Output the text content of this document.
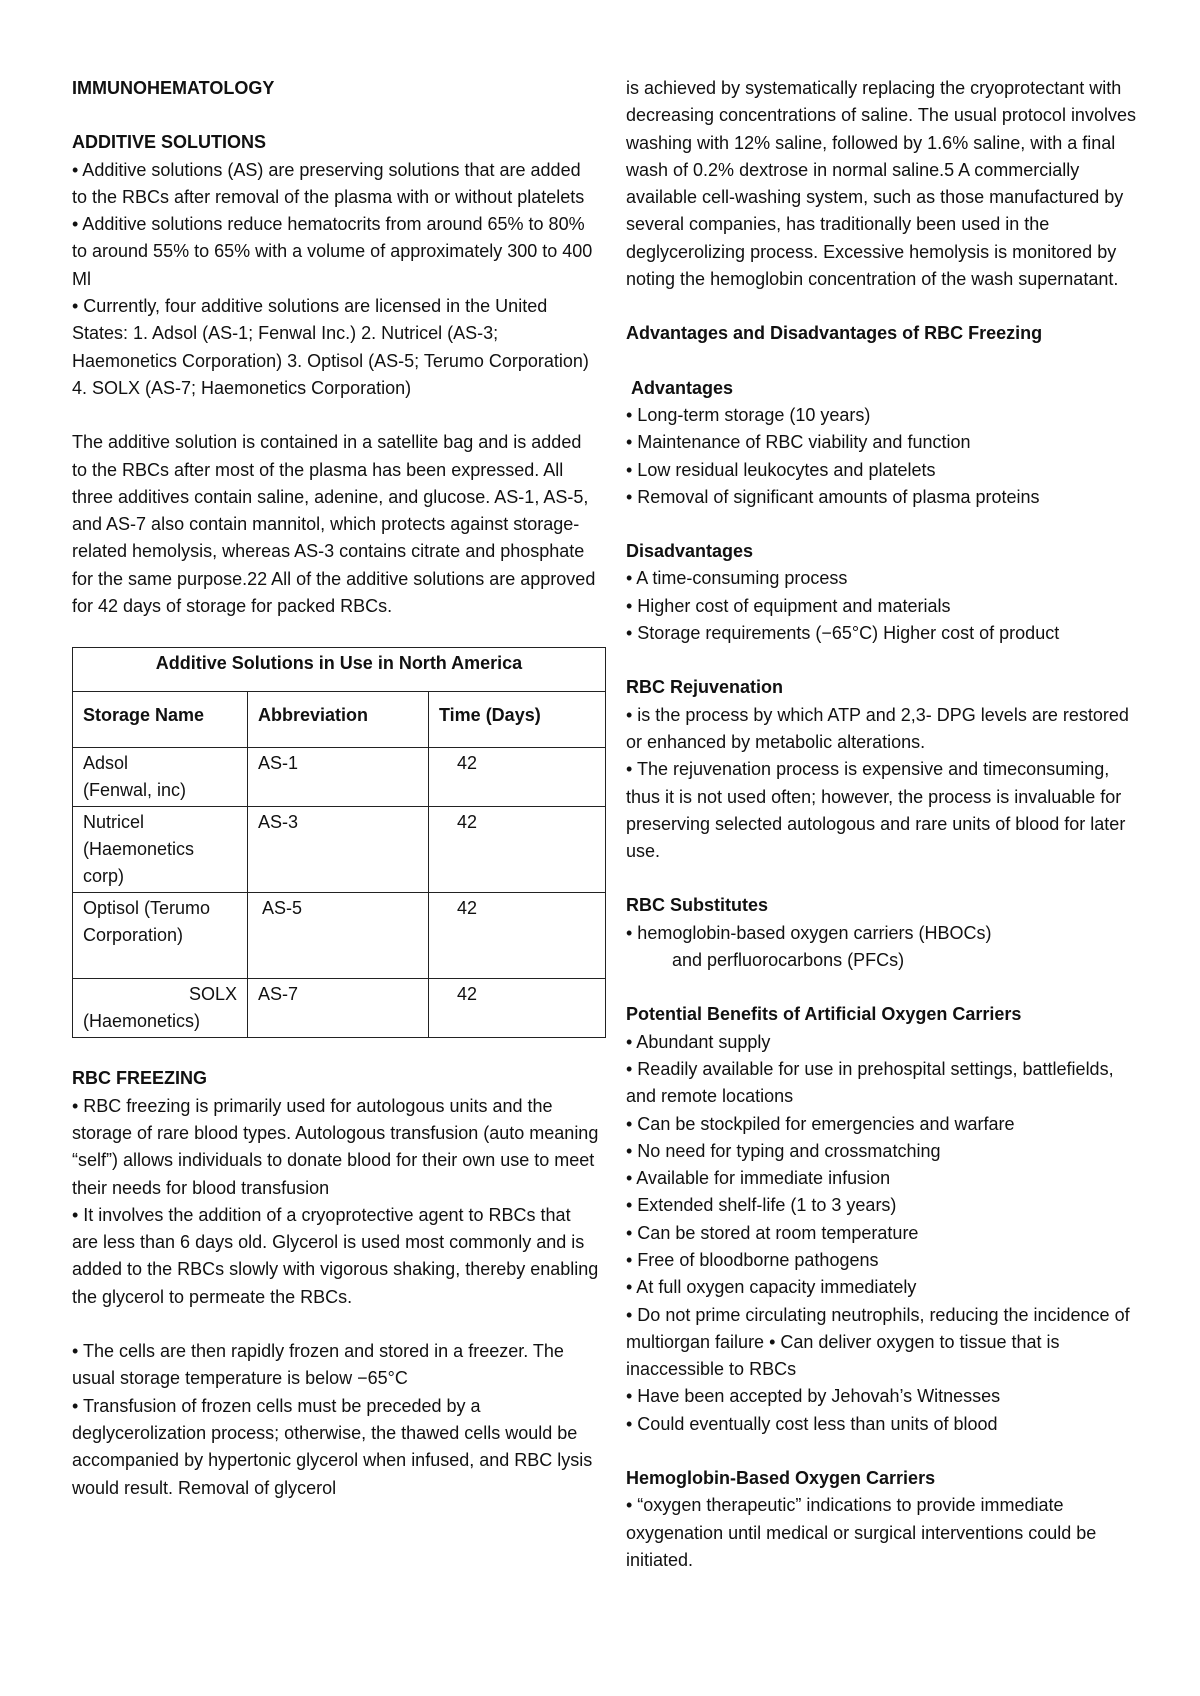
IMMUNOHEMATOLOGY

ADDITIVE SOLUTIONS

• Additive solutions (AS) are preserving solutions that are added to the RBCs after removal of the plasma with or without platelets

• Additive solutions reduce hematocrits from around 65% to 80% to around 55% to 65% with a volume of approximately 300 to 400 Ml

• Currently, four additive solutions are licensed in the United States: 1. Adsol (AS-1; Fenwal Inc.) 2. Nutricel (AS-3; Haemonetics Corporation) 3. Optisol (AS-5; Terumo Corporation) 4. SOLX (AS-7; Haemonetics Corporation)

The additive solution is contained in a satellite bag and is added to the RBCs after most of the plasma has been expressed. All three additives contain saline, adenine, and glucose. AS-1, AS-5, and AS-7 also contain mannitol, which protects against storage-related hemolysis, whereas AS-3 contains citrate and phosphate for the same purpose.22 All of the additive solutions are approved for 42 days of storage for packed RBCs.

Additive Solutions in Use in North America		
Storage Name	Abbreviation	Time (Days)
Adsol
(Fenwal, inc)	AS-1	42
Nutricel
(Haemonetics corp)	AS-3	42
Optisol (Terumo
Corporation)	AS-5	42

SOLX
(Haemonetics)	AS-7	42

RBC FREEZING

• RBC freezing is primarily used for autologous units and the storage of rare blood types. Autologous transfusion (auto meaning “self”) allows individuals to donate blood for their own use to meet their needs for blood transfusion

• It involves the addition of a cryoprotective agent to RBCs that are less than 6 days old. Glycerol is used most commonly and is added to the RBCs slowly with vigorous shaking, thereby enabling the glycerol to permeate the RBCs.

• The cells are then rapidly frozen and stored in a freezer. The usual storage temperature is below −65°C

• Transfusion of frozen cells must be preceded by a deglycerolization process; otherwise, the thawed cells would be accompanied by hypertonic glycerol when infused, and RBC lysis would result. Removal of glycerol

is achieved by systematically replacing the cryoprotectant with decreasing concentrations of saline. The usual protocol involves washing with 12% saline, followed by 1.6% saline, with a final wash of 0.2% dextrose in normal saline.5 A commercially available cell-washing system, such as those manufactured by several companies, has traditionally been used in the deglycerolizing process. Excessive hemolysis is monitored by noting the hemoglobin concentration of the wash supernatant.

Advantages and Disadvantages of RBC Freezing

Advantages

• Long-term storage (10 years)

• Maintenance of RBC viability and function

• Low residual leukocytes and platelets

• Removal of significant amounts of plasma proteins

Disadvantages

• A time-consuming process

• Higher cost of equipment and materials

• Storage requirements (−65°C) Higher cost of product

RBC Rejuvenation

• is the process by which ATP and 2,3- DPG levels are restored or enhanced by metabolic alterations.

• The rejuvenation process is expensive and timeconsuming, thus it is not used often; however, the process is invaluable for preserving selected autologous and rare units of blood for later use.

RBC Substitutes

• hemoglobin-based oxygen carriers (HBOCs)

and perfluorocarbons (PFCs)

Potential Benefits of Artificial Oxygen Carriers

• Abundant supply

• Readily available for use in prehospital settings, battlefields, and remote locations

• Can be stockpiled for emergencies and warfare

• No need for typing and crossmatching

• Available for immediate infusion

• Extended shelf-life (1 to 3 years)

• Can be stored at room temperature

• Free of bloodborne pathogens

• At full oxygen capacity immediately

• Do not prime circulating neutrophils, reducing the incidence of multiorgan failure • Can deliver oxygen to tissue that is inaccessible to RBCs

• Have been accepted by Jehovah’s Witnesses

• Could eventually cost less than units of blood

Hemoglobin-Based Oxygen Carriers

• “oxygen therapeutic” indications to provide immediate oxygenation until medical or surgical interventions could be initiated.
